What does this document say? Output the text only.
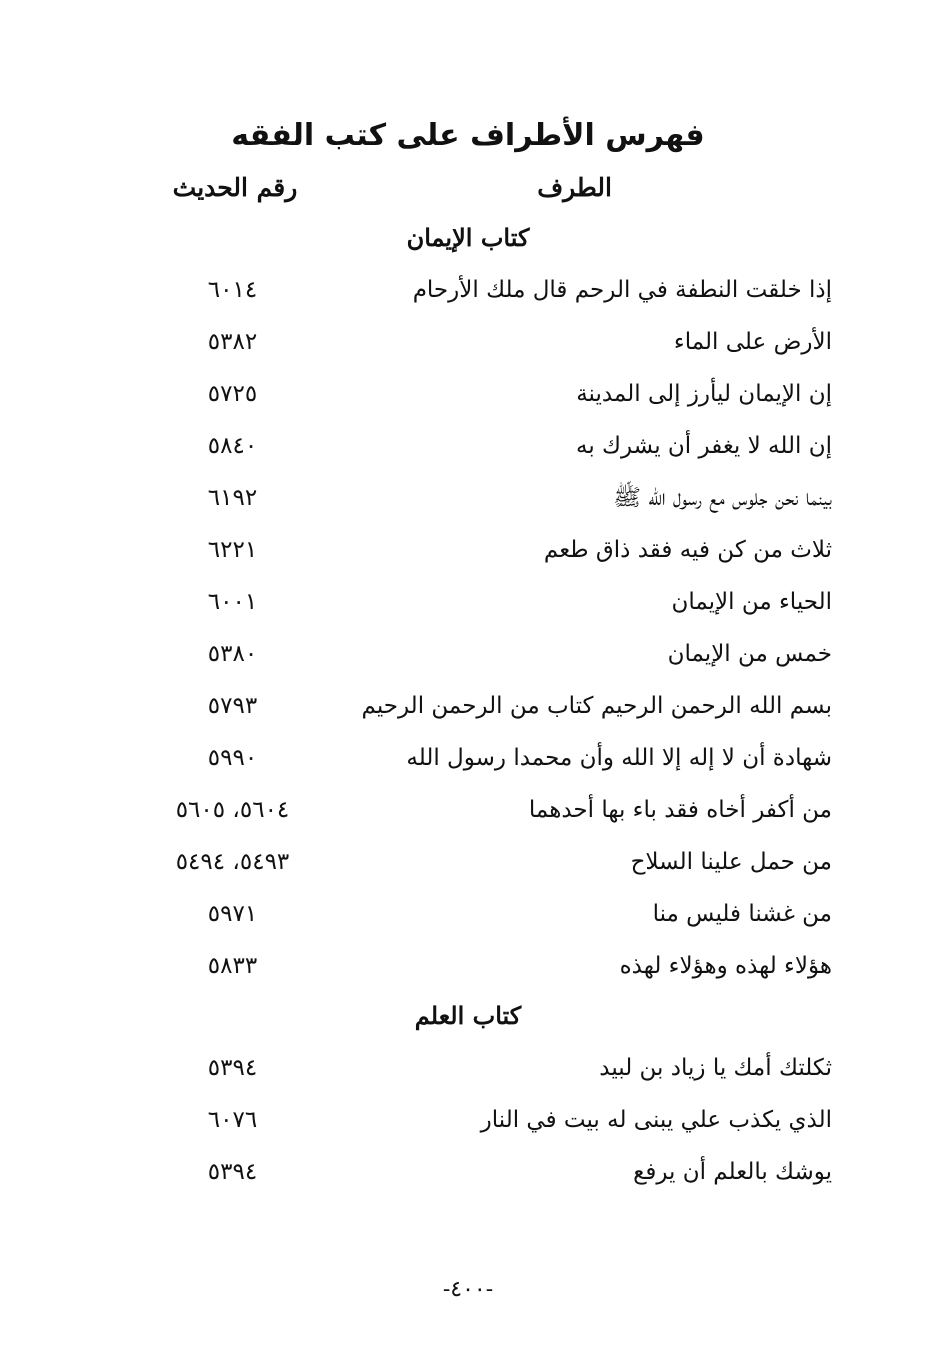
فهرس الأطراف على كتب الفقه
الطرف
رقم الحديث
كتاب الإيمان
إذا خلقت النطفة في الرحم قال ملك الأرحام
٦٠١٤
الأرض على الماء
٥٣٨٢
إن الإيمان ليأرز إلى المدينة
٥٧٢٥
إن الله لا يغفر أن يشرك به
٥٨٤٠
بينما نحن جلوس مع رسول الله ﷺ
٦١٩٢
ثلاث من كن فيه فقد ذاق طعم
٦٢٢١
الحياء من الإيمان
٦٠٠١
خمس من الإيمان
٥٣٨٠
بسم الله الرحمن الرحيم كتاب من الرحمن الرحيم
٥٧٩٣
شهادة أن لا إله إلا الله وأن محمدا رسول الله
٥٩٩٠
من أكفر أخاه فقد باء بها أحدهما
٥٦٠٤، ٥٦٠٥
من حمل علينا السلاح
٥٤٩٣، ٥٤٩٤
من غشنا فليس منا
٥٩٧١
هؤلاء لهذه وهؤلاء لهذه
٥٨٣٣
كتاب العلم
ثكلتك أمك يا زياد بن لبيد
٥٣٩٤
الذي يكذب علي يبنى له بيت في النار
٦٠٧٦
يوشك بالعلم أن يرفع
٥٣٩٤
-٤٠٠-
